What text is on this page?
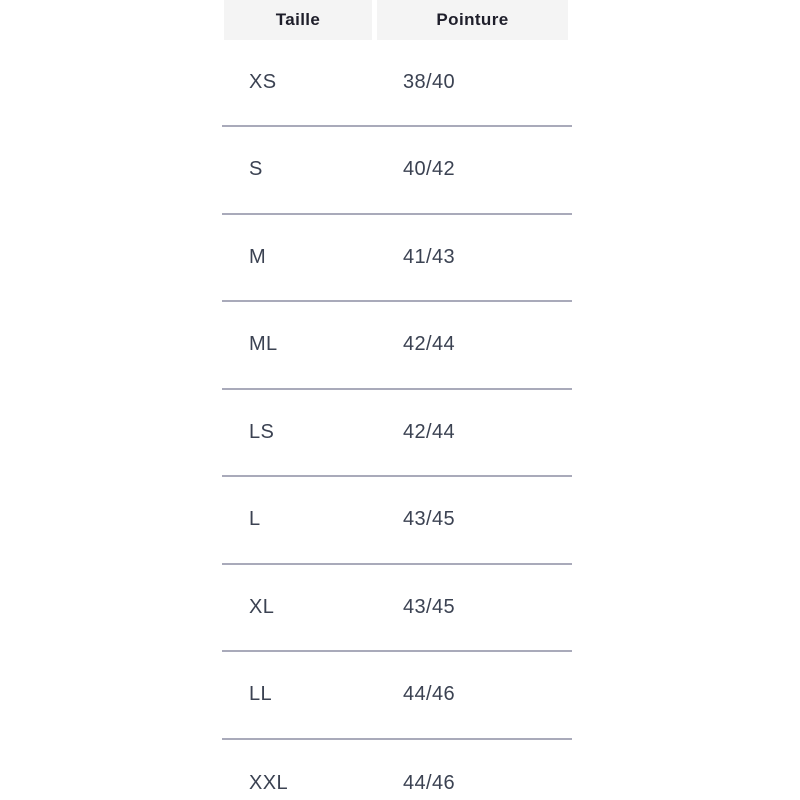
Taille	Pointure
XS	38/40
S	40/42
M	41/43
ML	42/44
LS	42/44
L	43/45
XL	43/45
LL	44/46
XXL	44/46
